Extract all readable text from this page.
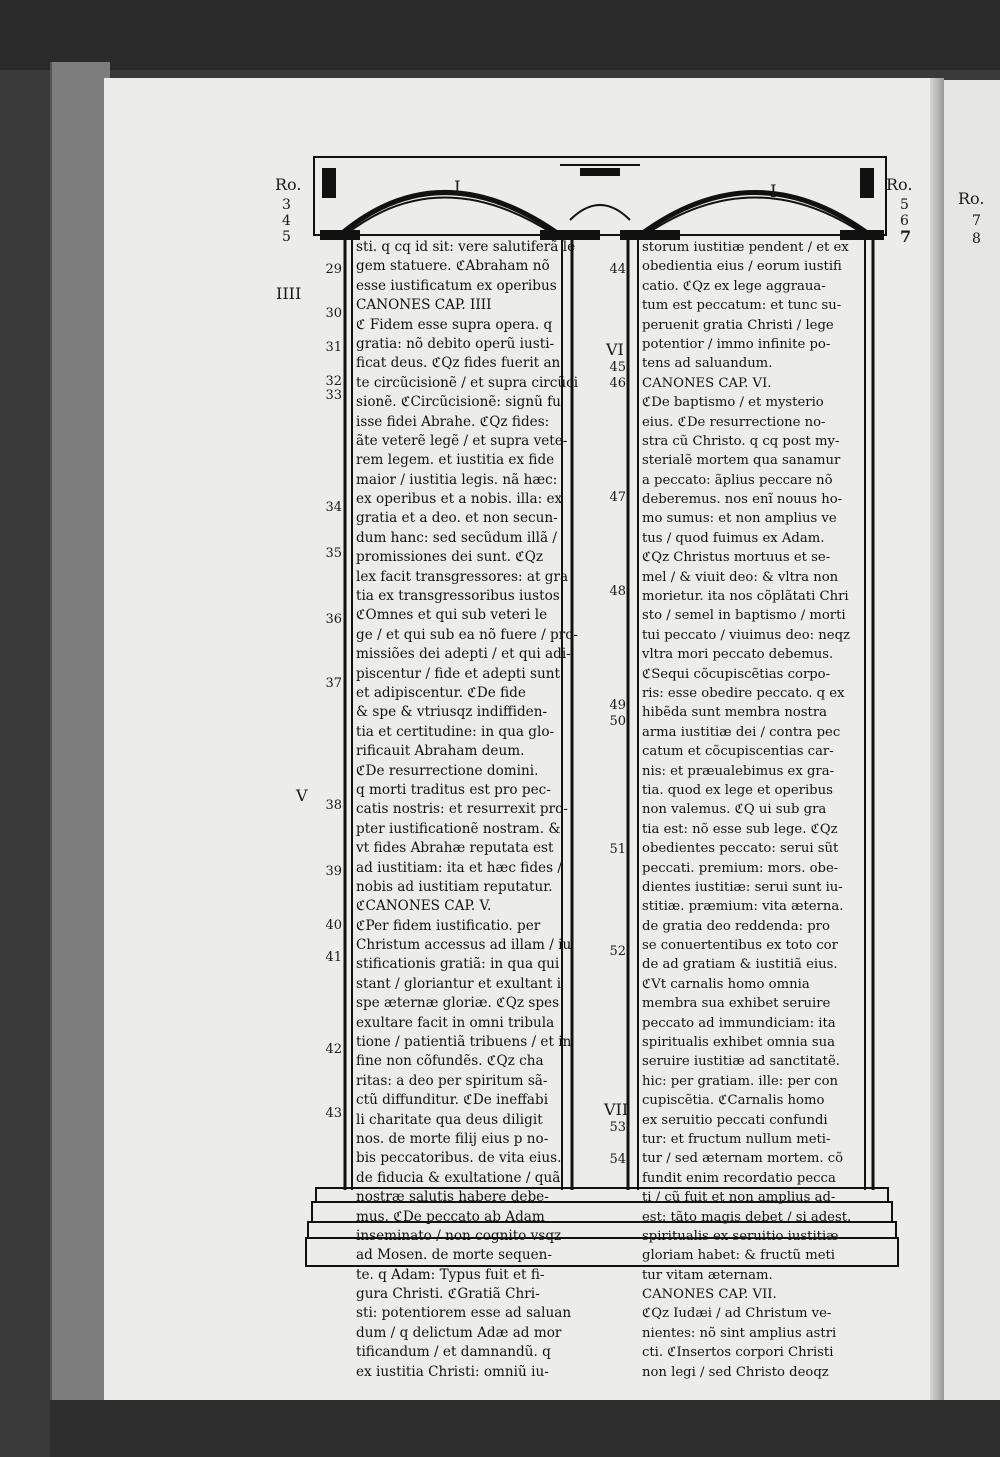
Ro.
3
4
5
IIII
V
29
30
31
32
33
34
35
36
37
38
39
40
41
42
43
I	I
sti. q cq id sit: vere salutiferã le
gem statuere. ℭAbraham nõ
esse iustificatum ex operibus
CANONES CAP. IIII
ℭ Fidem esse supra opera. q
gratia: nõ debito operũ iusti-
ficat deus. ℭQz fides fuerit an
te circũcisionẽ / et supra circũci
sionẽ. ℭCircũcisionẽ: signũ fu
isse fidei Abrahe. ℭQz fides:
ãte veterẽ legẽ / et supra vete-
rem legem. et iustitia ex fide
maior / iustitia legis. nã hæc:
ex operibus et a nobis. illa: ex
gratia et a deo. et non secun-
dum hanc: sed secũdum illã /
promissiones dei sunt. ℭQz
lex facit transgressores: at gra
tia ex transgressoribus iustos.
ℭOmnes et qui sub veteri le
ge / et qui sub ea nõ fuere / pro-
missiões dei adepti / et qui adi-
piscentur / fide et adepti sunt
et adipiscentur. ℭDe fide
& spe & vtriusqz indiffiden-
tia et certitudine: in qua glo-
rificauit Abraham deum.
ℭDe resurrectione domini.
q morti traditus est pro pec-
catis nostris: et resurrexit pro-
pter iustificationẽ nostram. &
vt fides Abrahæ reputata est
ad iustitiam: ita et hæc fides /
nobis ad iustitiam reputatur.
ℭCANONES CAP. V.
ℭPer fidem iustificatio. per
Christum accessus ad illam / iu
stificationis gratiã: in qua qui
stant / gloriantur et exultant i
spe æternæ gloriæ. ℭQz spes
exultare facit in omni tribula
tione / patientiã tribuens / et in
fine non cõfundẽs. ℭQz cha
ritas: a deo per spiritum sã-
ctũ diffunditur. ℭDe ineffabi
li charitate qua deus diligit
nos. de morte filij eius p no-
bis peccatoribus. de vita eius.
de fiducia & exultatione / quã
nostræ salutis habere debe-
mus. ℭDe peccato ab Adam
inseminato / non cognito vsqz
ad Mosen. de morte sequen-
te. q Adam: Typus fuit et fi-
gura Christi. ℭGratiã Chri-
sti: potentiorem esse ad saluan
dum / q delictum Adæ ad mor
tificandum / et damnandũ. q
ex iustitia Christi: omniũ iu-
Ro.
5
6
7
VI
VII
44
45
46
47
48
49
50
51
52
53
54
storum iustitiæ pendent / et ex
obedientia eius / eorum iustifi
catio. ℭQz ex lege aggraua-
tum est peccatum: et tunc su-
peruenit gratia Christi / lege
potentior / immo infinite po-
tens ad saluandum.
CANONES CAP. VI.
ℭDe baptismo / et mysterio
eius. ℭDe resurrectione no-
stra cũ Christo. q cq post my-
sterialẽ mortem qua sanamur
a peccato: ãplius peccare nõ
deberemus. nos enĩ nouus ho-
mo sumus: et non amplius ve
tus / quod fuimus ex Adam.
ℭQz Christus mortuus et se-
mel / & viuit deo: & vltra non
morietur. ita nos cõplãtati Chri
sto / semel in baptismo / morti
tui peccato / viuimus deo: neqz
vltra mori peccato debemus.
ℭSequi cõcupiscẽtias corpo-
ris: esse obedire peccato. q ex
hibẽda sunt membra nostra
arma iustitiæ dei / contra pec
catum et cõcupiscentias car-
nis: et præualebimus ex gra-
tia. quod ex lege et operibus
non valemus. ℭQ ui sub gra
tia est: nõ esse sub lege. ℭQz
obedientes peccato: serui sũt
peccati. premium: mors. obe-
dientes iustitiæ: serui sunt iu-
stitiæ. præmium: vita æterna.
de gratia deo reddenda: pro
se conuertentibus ex toto cor
de ad gratiam & iustitiã eius.
ℭVt carnalis homo omnia
membra sua exhibet seruire
peccato ad immundiciam: ita
spiritualis exhibet omnia sua
seruire iustitiæ ad sanctitatẽ.
hic: per gratiam. ille: per con
cupiscẽtia. ℭCarnalis homo
ex seruitio peccati confundi
tur: et fructum nullum meti-
tur / sed æternam mortem. cõ
fundit enim recordatio pecca
ti / cũ fuit et non amplius ad-
est: tãto magis debet / si adest.
spiritualis ex seruitio iustitiæ
gloriam habet: & fructũ meti
tur vitam æternam.
CANONES CAP. VII.
ℭQz Iudæi / ad Christum ve-
nientes: nõ sint amplius astri
cti. ℭInsertos corpori Christi
non legi / sed Christo deoqz
Ro.
7
8
